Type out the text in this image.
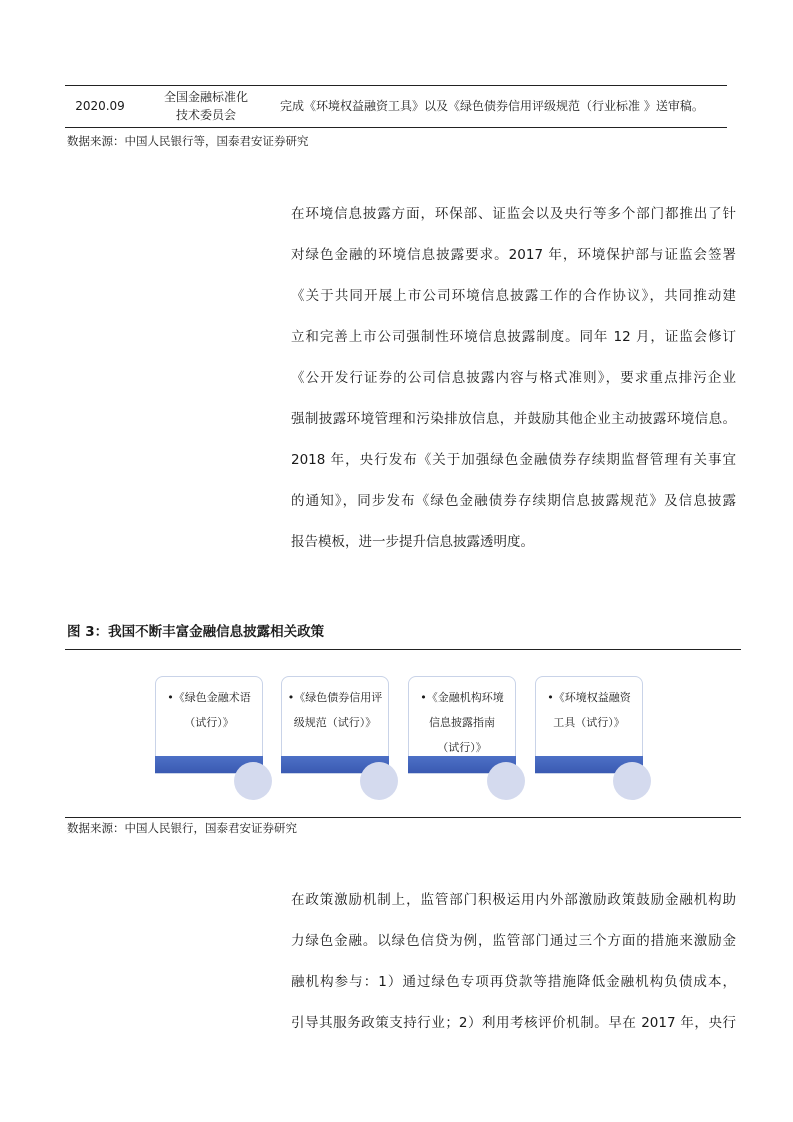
2020.09
全国金融标准化
技术委员会
完成《环境权益融资工具》以及《绿色债券信用评级规范（行业标准 》送审稿。
数据来源：中国人民银行等，国泰君安证券研究
在环境信息披露方面，环保部、证监会以及央行等多个部门都推出了针
对绿色金融的环境信息披露要求。2017 年，环境保护部与证监会签署
《关于共同开展上市公司环境信息披露工作的合作协议》，共同推动建
立和完善上市公司强制性环境信息披露制度。同年 12 月，证监会修订
《公开发行证券的公司信息披露内容与格式准则》，要求重点排污企业
强制披露环境管理和污染排放信息，并鼓励其他企业主动披露环境信息。
2018 年，央行发布《关于加强绿色金融债券存续期监督管理有关事宜
的通知》，同步发布《绿色金融债券存续期信息披露规范》及信息披露
报告模板，进一步提升信息披露透明度。
图 3：我国不断丰富金融信息披露相关政策
•《绿色金融术语
（试行）》
•《绿色债券信用评
级规范（试行）》
•《金融机构环境
信息披露指南
（试行）》
•《环境权益融资
工具（试行）》
数据来源：中国人民银行，国泰君安证券研究
在政策激励机制上，监管部门积极运用内外部激励政策鼓励金融机构助
力绿色金融。以绿色信贷为例，监管部门通过三个方面的措施来激励金
融机构参与：1）通过绿色专项再贷款等措施降低金融机构负债成本，
引导其服务政策支持行业；2）利用考核评价机制。早在 2017 年，央行
